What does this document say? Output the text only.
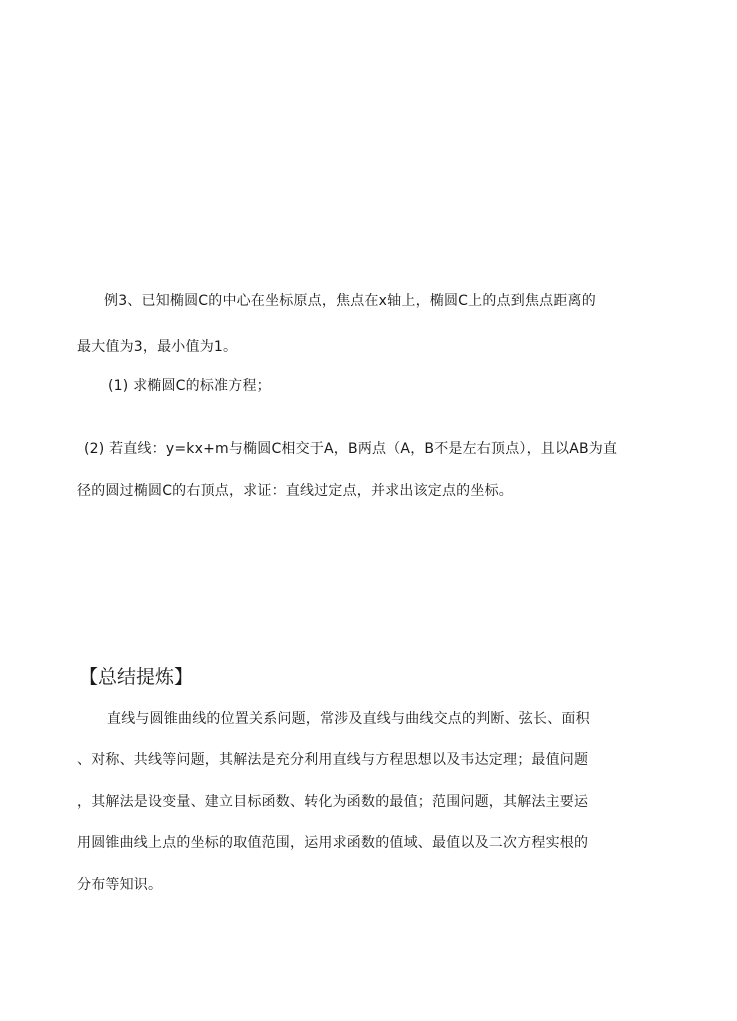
例3、已知椭圆C的中心在坐标原点，焦点在x轴上，椭圆C上的点到焦点距离的
最大值为3，最小值为1。
(1) 求椭圆C的标准方程；
(2) 若直线：y=kx+m与椭圆C相交于A，B两点（A，B不是左右顶点），且以AB为直
径的圆过椭圆C的右顶点，求证：直线过定点，并求出该定点的坐标。
【总结提炼】
直线与圆锥曲线的位置关系问题，常涉及直线与曲线交点的判断、弦长、面积
、对称、共线等问题，其解法是充分利用直线与方程思想以及韦达定理；最值问题
，其解法是设变量、建立目标函数、转化为函数的最值；范围问题，其解法主要运
用圆锥曲线上点的坐标的取值范围，运用求函数的值域、最值以及二次方程实根的
分布等知识。
